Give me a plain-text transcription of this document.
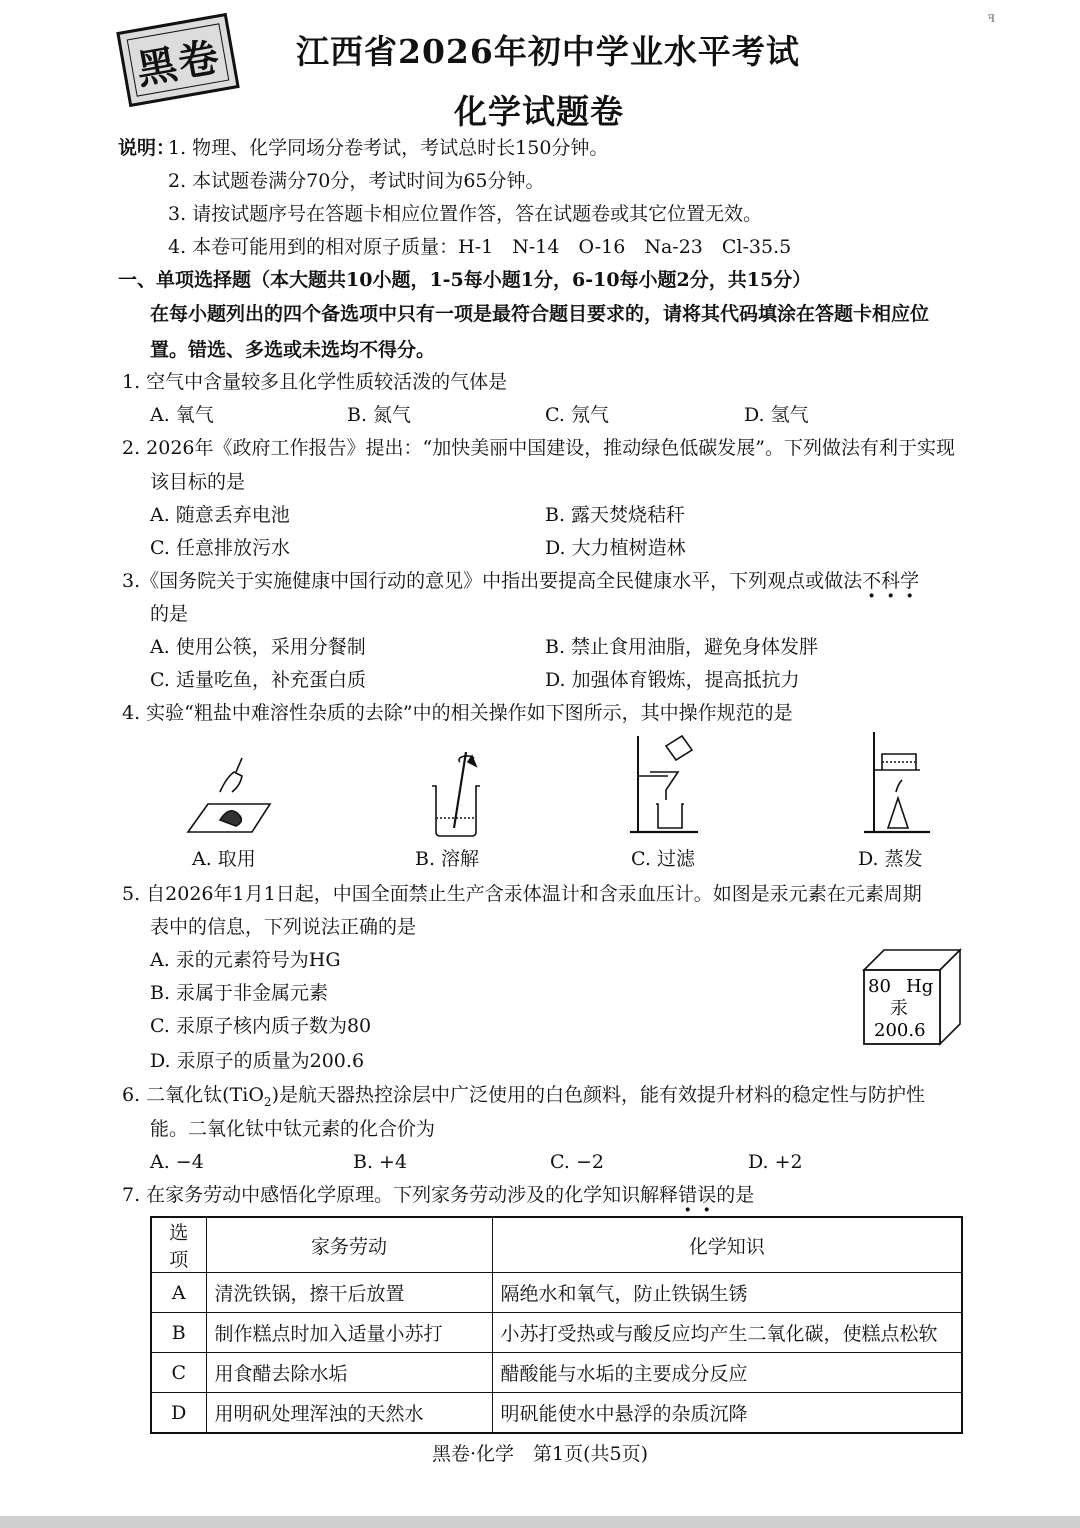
黑卷 江西省2026年初中学业水平考试
化学试题卷
ꟻ
说明：
1. 物理、化学同场分卷考试，考试总时长150分钟。
2. 本试题卷满分70分，考试时间为65分钟。
3. 请按试题序号在答题卡相应位置作答，答在试题卷或其它位置无效。
4. 本卷可能用到的相对原子质量：H-1　N-14　O-16　Na-23　Cl-35.5
一、单项选择题（本大题共10小题，1-5每小题1分，6-10每小题2分，共15分）
在每小题列出的四个备选项中只有一项是最符合题目要求的，请将其代码填涂在答题卡相应位
置。错选、多选或未选均不得分。
1. 空气中含量较多且化学性质较活泼的气体是
A. 氧气	B. 氮气	C. 氖气	D. 氢气
2. 2026年《政府工作报告》提出：“加快美丽中国建设，推动绿色低碳发展”。下列做法有利于实现
该目标的是
A. 随意丢弃电池	B. 露天焚烧秸秆
C. 任意排放污水	D. 大力植树造林
3.《国务院关于实施健康中国行动的意见》中指出要提高全民健康水平，下列观点或做法不科学
的是
A. 使用公筷，采用分餐制	B. 禁止食用油脂，避免身体发胖
C. 适量吃鱼，补充蛋白质	D. 加强体育锻炼，提高抵抗力
4. 实验“粗盐中难溶性杂质的去除”中的相关操作如下图所示，其中操作规范的是
A. 取用	B. 溶解	C. 过滤	D. 蒸发
5. 自2026年1月1日起，中国全面禁止生产含汞体温计和含汞血压计。如图是汞元素在元素周期
表中的信息，下列说法正确的是
A. 汞的元素符号为HG
B. 汞属于非金属元素
C. 汞原子核内质子数为80
D. 汞原子的质量为200.6
80 Hg
汞
200.6
6. 二氧化钛(TiO$_2$)是航天器热控涂层中广泛使用的白色颜料，能有效提升材料的稳定性与防护性
能。二氧化钛中钛元素的化合价为
A. −4	B. +4	C. −2	D. +2
7. 在家务劳动中感悟化学原理。下列家务劳动涉及的化学知识解释错误的是
选项	家务劳动	化学知识
A	清洗铁锅，擦干后放置	隔绝水和氧气，防止铁锅生锈
B	制作糕点时加入适量小苏打	小苏打受热或与酸反应均产生二氧化碳，使糕点松软
C	用食醋去除水垢	醋酸能与水垢的主要成分反应
D	用明矾处理浑浊的天然水	明矾能使水中悬浮的杂质沉降
黑卷·化学　第1页(共5页)
